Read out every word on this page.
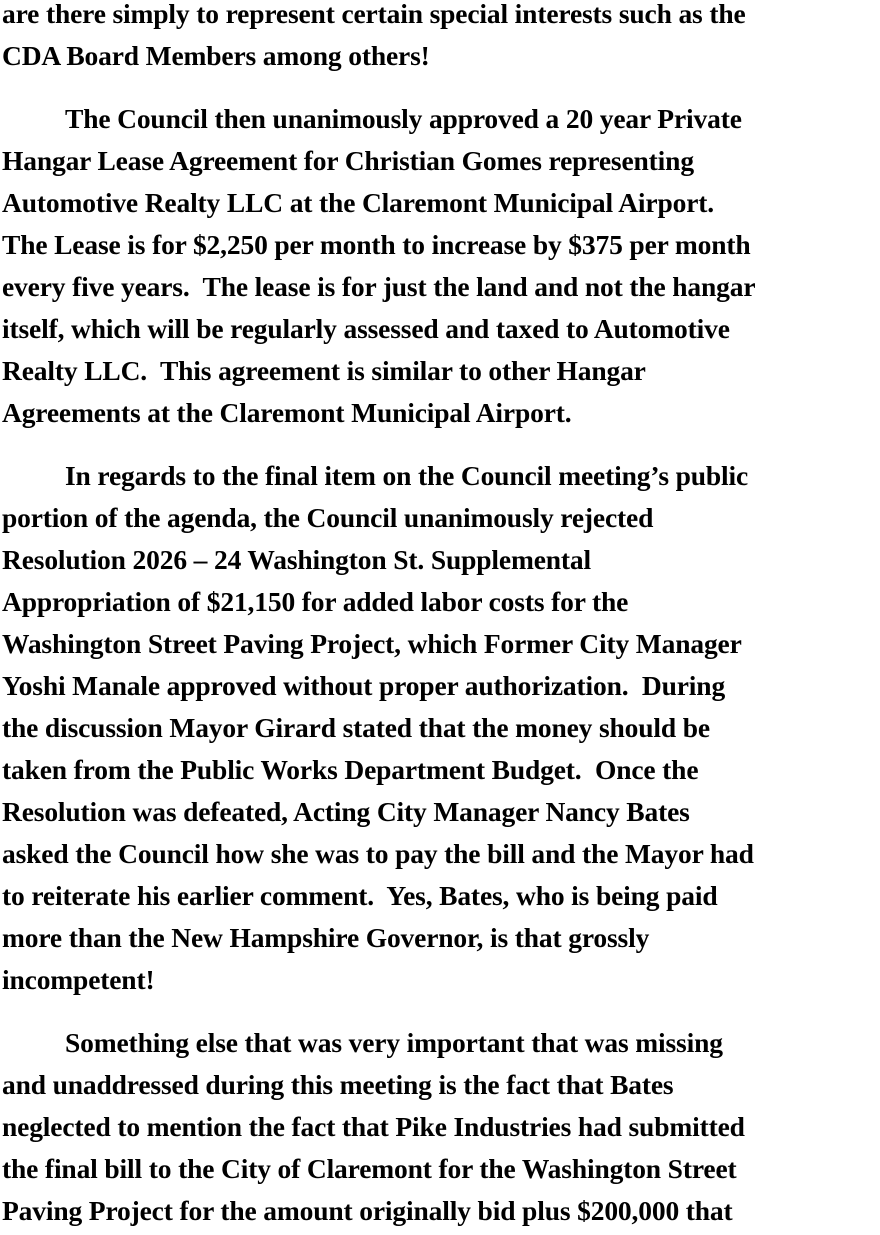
are there simply to represent certain special interests such as the
CDA Board Members among others!

The Council then unanimously approved a 20 year Private
Hangar Lease Agreement for Christian Gomes representing
Automotive Realty LLC at the Claremont Municipal Airport.
The Lease is for $2,250 per month to increase by $375 per month
every five years.  The lease is for just the land and not the hangar
itself, which will be regularly assessed and taxed to Automotive
Realty LLC.  This agreement is similar to other Hangar
Agreements at the Claremont Municipal Airport.

In regards to the final item on the Council meeting’s public
portion of the agenda, the Council unanimously rejected
Resolution 2026 – 24 Washington St. Supplemental
Appropriation of $21,150 for added labor costs for the
Washington Street Paving Project, which Former City Manager
Yoshi Manale approved without proper authorization.  During
the discussion Mayor Girard stated that the money should be
taken from the Public Works Department Budget.  Once the
Resolution was defeated, Acting City Manager Nancy Bates
asked the Council how she was to pay the bill and the Mayor had
to reiterate his earlier comment.  Yes, Bates, who is being paid
more than the New Hampshire Governor, is that grossly
incompetent!

Something else that was very important that was missing
and unaddressed during this meeting is the fact that Bates
neglected to mention the fact that Pike Industries had submitted
the final bill to the City of Claremont for the Washington Street
Paving Project for the amount originally bid plus $200,000 that
